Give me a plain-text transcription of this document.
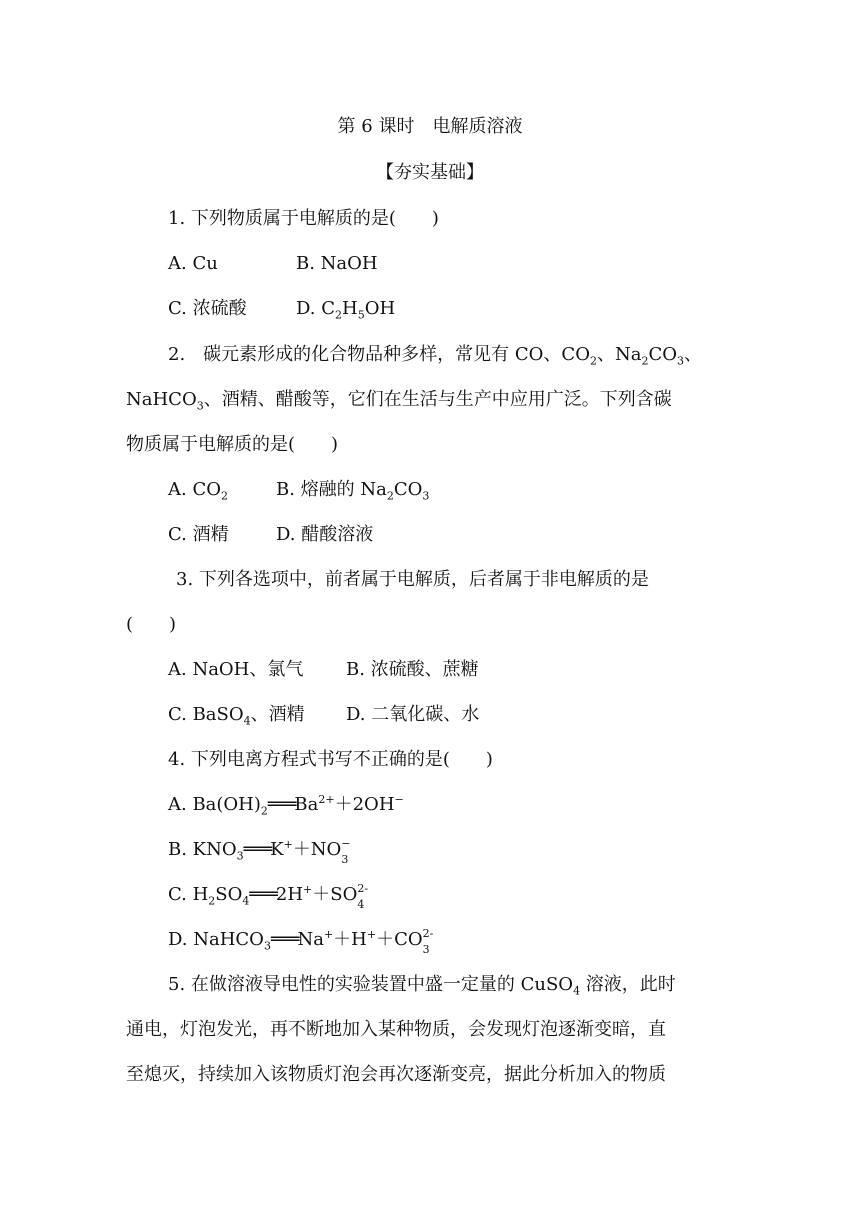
第 6 课时　电解质溶液
【夯实基础】
1. 下列物质属于电解质的是(　　)
A. Cu	B. NaOH
C. 浓硫酸	D. $C_2H_5OH$
2.　碳元素形成的化合物品种多样，常见有 CO、$CO_2$、$Na_2CO_3$、
NaHCO$_3$、酒精、醋酸等，它们在生活与生产中应用广泛。下列含碳
物质属于电解质的是(　　)
A. $CO_2$	B. 熔融的 $Na_2CO_3$
C. 酒精	D. 醋酸溶液
3. 下列各选项中，前者属于电解质，后者属于非电解质的是
(　　)
A. NaOH、氯气 B. 浓硫酸、蔗糖
C. BaSO$_4$、酒精 D. 二氧化碳、水
4. 下列电离方程式书写不正确的是(　　)
A. $Ba(OH)_2═══Ba^{2+}+2OH^-$
B. $KNO_3═══K^++NO$ −
3
C. $H_2SO_4═══2H^++SO$ 2-
4
D. NaHCO$_3$═══Na+＋H+＋CO 2-
3
5. 在做溶液导电性的实验装置中盛一定量的 CuSO$_4$ 溶液，此时
通电，灯泡发光，再不断地加入某种物质，会发现灯泡逐渐变暗，直
至熄灭，持续加入该物质灯泡会再次逐渐变亮，据此分析加入的物质
